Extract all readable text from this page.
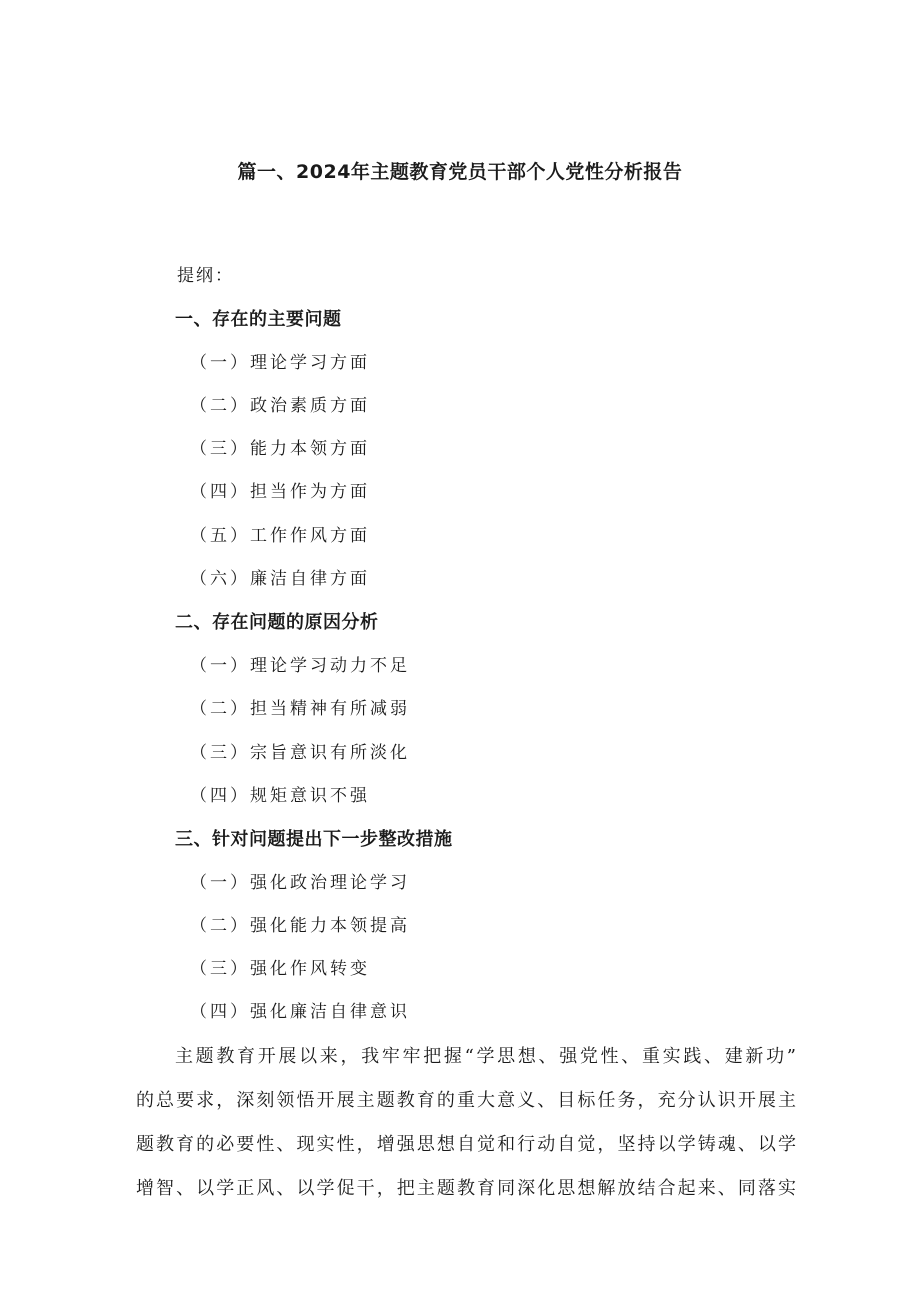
篇一、2024年主题教育党员干部个人党性分析报告
提纲：
一、存在的主要问题
（一）理论学习方面
（二）政治素质方面
（三）能力本领方面
（四）担当作为方面
（五）工作作风方面
（六）廉洁自律方面
二、存在问题的原因分析
（一）理论学习动力不足
（二）担当精神有所减弱
（三）宗旨意识有所淡化
（四）规矩意识不强
三、针对问题提出下一步整改措施
（一）强化政治理论学习
（二）强化能力本领提高
（三）强化作风转变
（四）强化廉洁自律意识
主题教育开展以来，我牢牢把握“学思想、强党性、重实践、建新功”
的总要求，深刻领悟开展主题教育的重大意义、目标任务，充分认识开展主
题教育的必要性、现实性，增强思想自觉和行动自觉，坚持以学铸魂、以学
增智、以学正风、以学促干，把主题教育同深化思想解放结合起来、同落实
